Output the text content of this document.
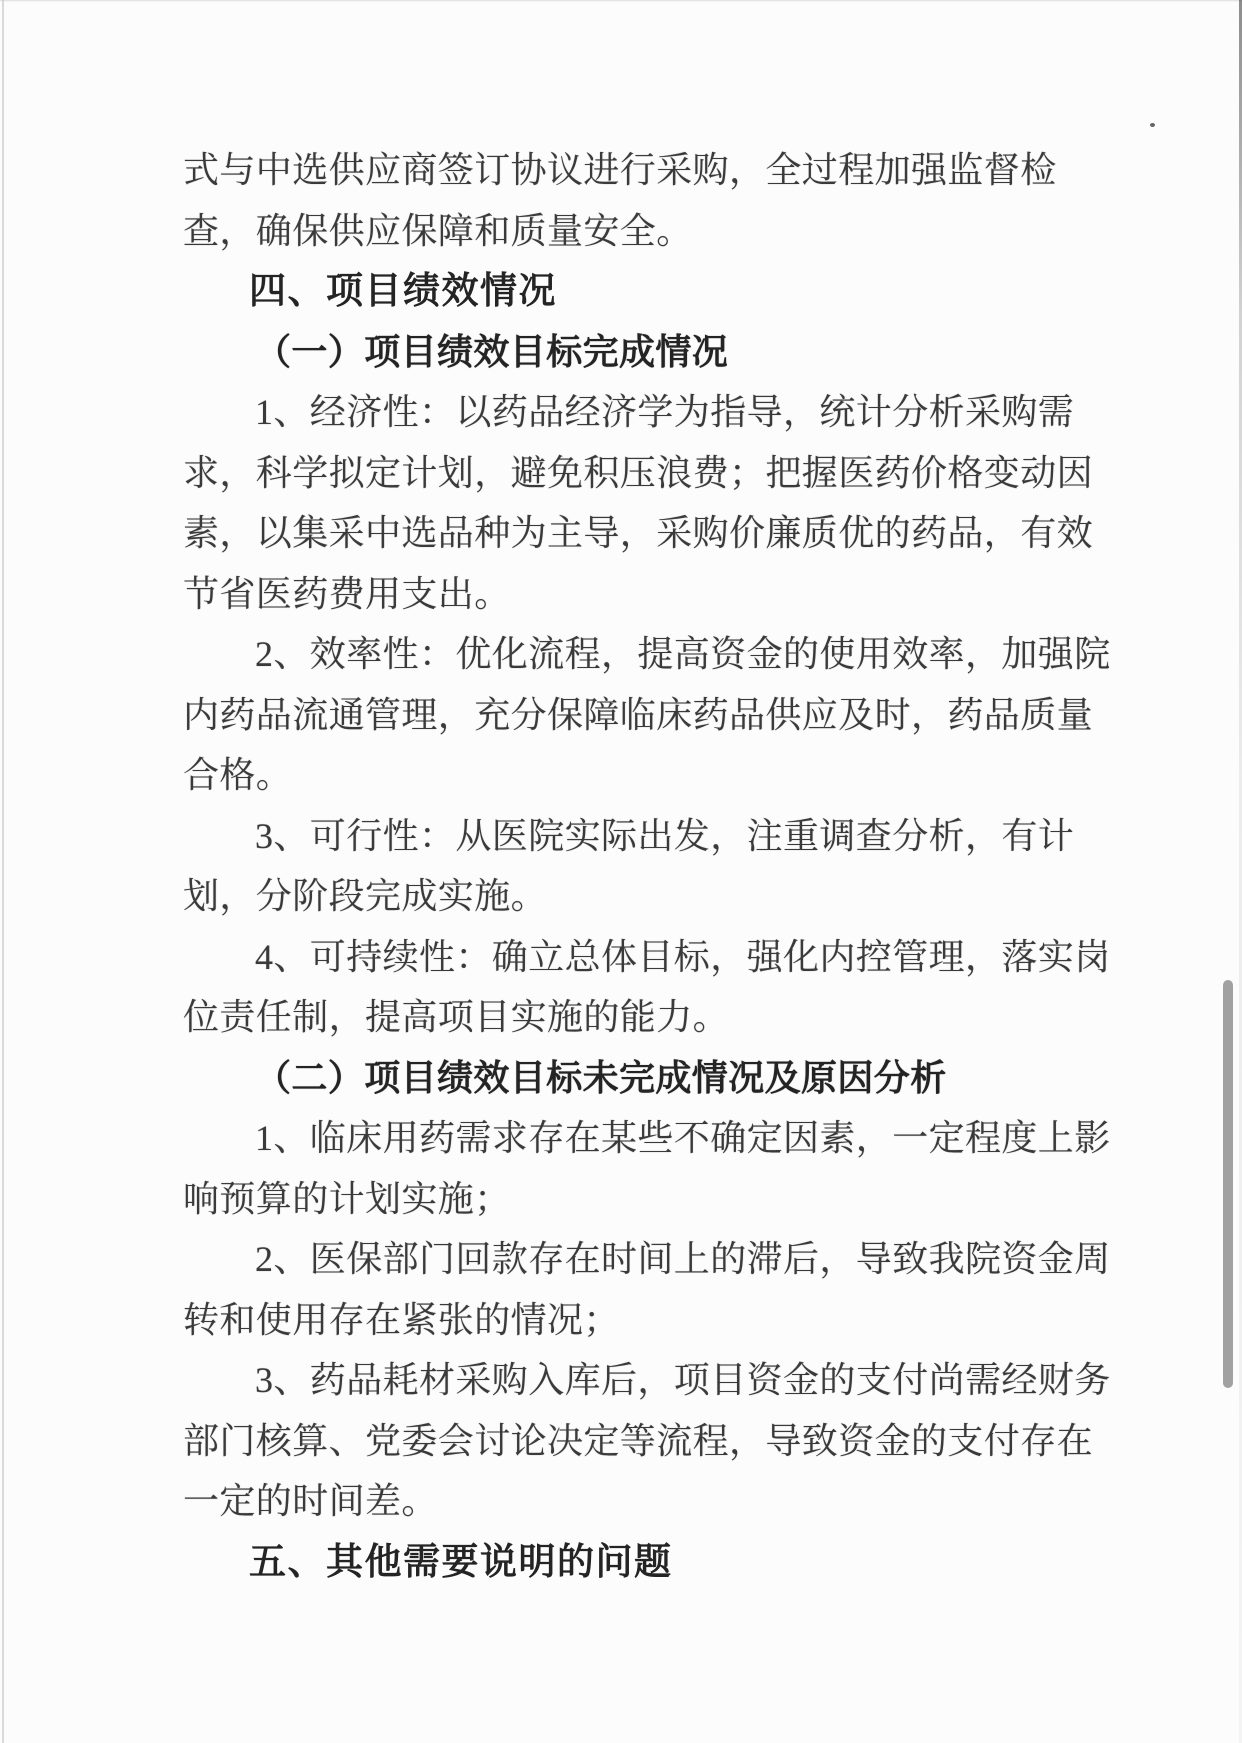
式与中选供应商签订协议进行采购，全过程加强监督检
查，确保供应保障和质量安全。
四、项目绩效情况
（一）项目绩效目标完成情况
1、经济性：以药品经济学为指导，统计分析采购需
求，科学拟定计划，避免积压浪费；把握医药价格变动因
素，以集采中选品种为主导，采购价廉质优的药品，有效
节省医药费用支出。
2、效率性：优化流程，提高资金的使用效率，加强院
内药品流通管理，充分保障临床药品供应及时，药品质量
合格。
3、可行性：从医院实际出发，注重调查分析，有计
划，分阶段完成实施。
4、可持续性：确立总体目标，强化内控管理，落实岗
位责任制，提高项目实施的能力。
（二）项目绩效目标未完成情况及原因分析
1、临床用药需求存在某些不确定因素，一定程度上影
响预算的计划实施；
2、医保部门回款存在时间上的滞后，导致我院资金周
转和使用存在紧张的情况；
3、药品耗材采购入库后，项目资金的支付尚需经财务
部门核算、党委会讨论决定等流程，导致资金的支付存在
一定的时间差。
五、其他需要说明的问题
